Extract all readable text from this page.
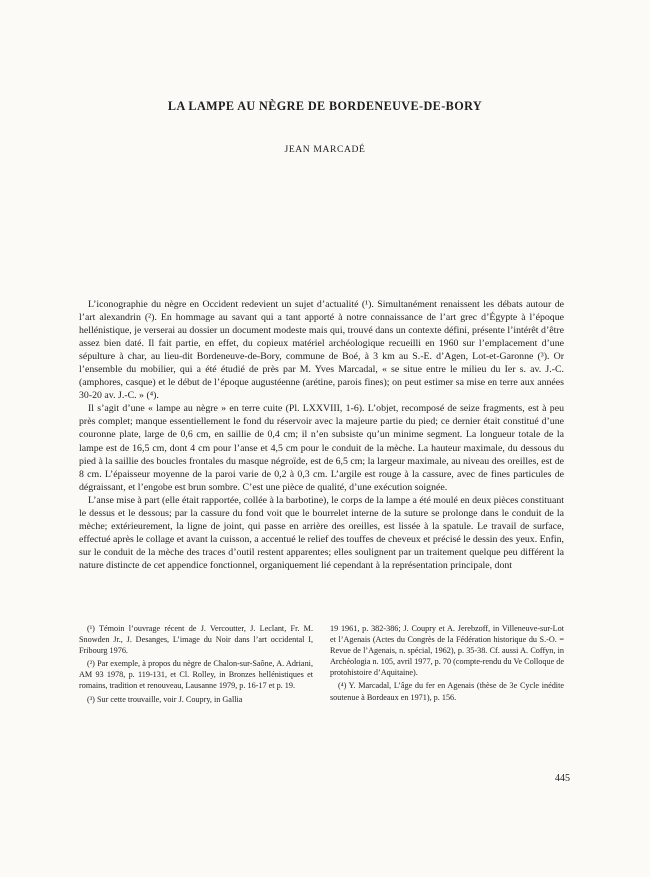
LA LAMPE AU NÈGRE DE BORDENEUVE-DE-BORY
JEAN MARCADÉ

L’iconographie du nègre en Occident redevient un sujet d’actualité (¹). Simultanément renaissent les débats autour de l’art alexandrin (²). En hommage au savant qui a tant apporté à notre connaissance de l’art grec d’Égypte à l’époque hellénistique, je verserai au dossier un document modeste mais qui, trouvé dans un contexte défini, présente l’intérêt d’être assez bien daté. Il fait partie, en effet, du copieux matériel archéologique recueilli en 1960 sur l’emplacement d’une sépulture à char, au lieu-dit Bordeneuve-de-Bory, commune de Boé, à 3 km au S.-E. d’Agen, Lot-et-Garonne (³). Or l’ensemble du mobilier, qui a été étudié de près par M. Yves Marcadal, « se situe entre le milieu du Ier s. av. J.-C. (amphores, casque) et le début de l’époque augustéenne (arétine, parois fines); on peut estimer sa mise en terre aux années 30-20 av. J.-C. » (⁴).

Il s’agit d’une « lampe au nègre » en terre cuite (Pl. LXXVIII, 1-6). L’objet, recomposé de seize fragments, est à peu près complet; manque essentiellement le fond du réservoir avec la majeure partie du pied; ce dernier était constitué d’une couronne plate, large de 0,6 cm, en saillie de 0,4 cm; il n’en subsiste qu’un minime segment. La longueur totale de la lampe est de 16,5 cm, dont 4 cm pour l’anse et 4,5 cm pour le conduit de la mèche. La hauteur maximale, du dessous du pied à la saillie des boucles frontales du masque négroïde, est de 6,5 cm; la largeur maximale, au niveau des oreilles, est de 8 cm. L’épaisseur moyenne de la paroi varie de 0,2 à 0,3 cm. L’argile est rouge à la cassure, avec de fines particules de dégraissant, et l’engobe est brun sombre. C’est une pièce de qualité, d’une exécution soignée.

L’anse mise à part (elle était rapportée, collée à la barbotine), le corps de la lampe a été moulé en deux pièces constituant le dessus et le dessous; par la cassure du fond voit que le bourrelet interne de la suture se prolonge dans le conduit de la mèche; extérieurement, la ligne de joint, qui passe en arrière des oreilles, est lissée à la spatule. Le travail de surface, effectué après le collage et avant la cuisson, a accentué le relief des touffes de cheveux et précisé le dessin des yeux. Enfin, sur le conduit de la mèche des traces d’outil restent apparentes; elles soulignent par un traitement quelque peu différent la nature distincte de cet appendice fonctionnel, organiquement lié cependant à la représentation principale, dont

(¹) Témoin l’ouvrage récent de J. Vercoutter, J. Leclant, Fr. M. Snowden Jr., J. Desanges, L’image du Noir dans l’art occidental I, Fribourg 1976.

(²) Par exemple, à propos du nègre de Chalon-sur-Saône, A. Adriani, AM 93 1978, p. 119-131, et Cl. Rolley, in Bronzes hellénistiques et romains, tradition et renouveau, Lausanne 1979, p. 16-17 et p. 19.

(³) Sur cette trouvaille, voir J. Coupry, in Gallia

19 1961, p. 382-386; J. Coupry et A. Jerebzoff, in Villeneuve-sur-Lot et l’Agenais (Actes du Congrès de la Fédération historique du S.-O. = Revue de l’Agenais, n. spécial, 1962), p. 35-38. Cf. aussi A. Coffyn, in Archéologia n. 105, avril 1977, p. 70 (compte-rendu du Ve Colloque de protohistoire d’Aquitaine).

(⁴) Y. Marcadal, L’âge du fer en Agenais (thèse de 3e Cycle inédite soutenue à Bordeaux en 1971), p. 156.

445
